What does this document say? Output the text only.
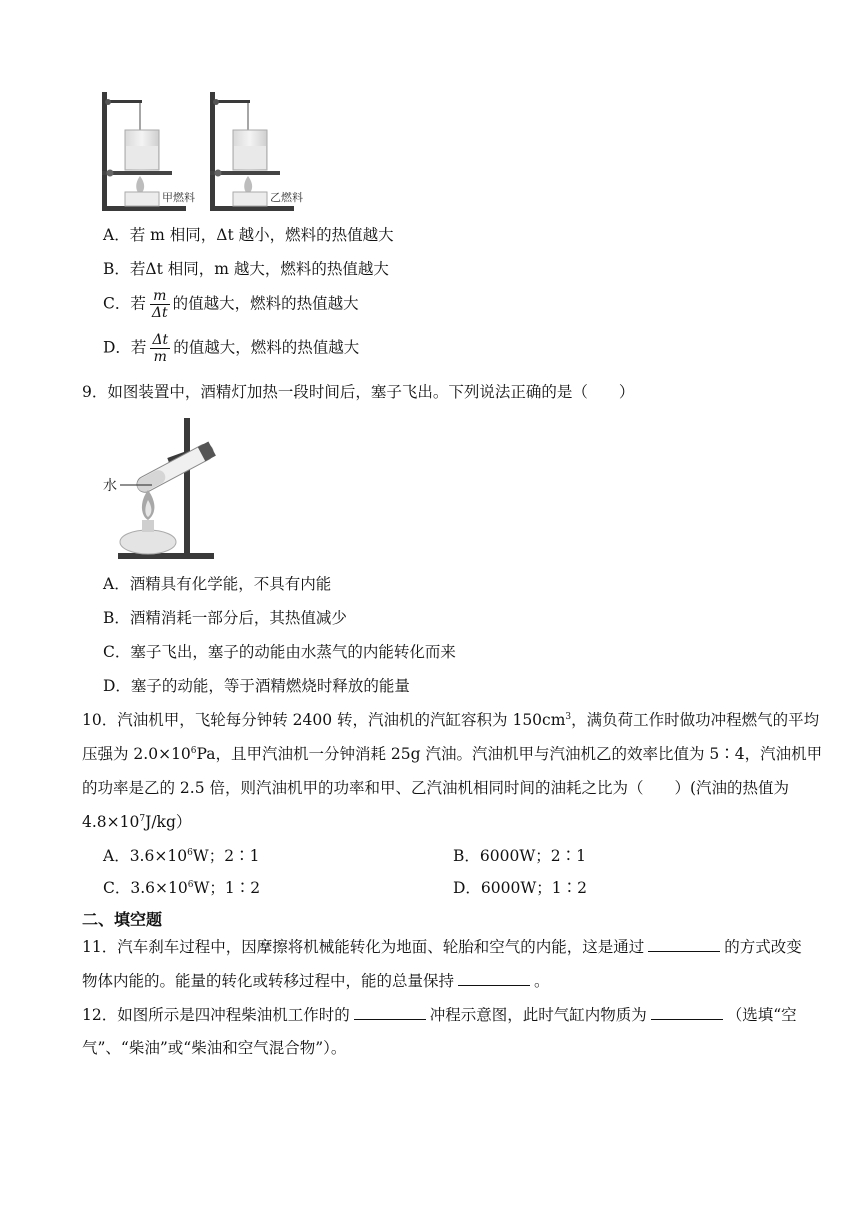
甲燃料	乙燃料
A．若 m 相同，Δt 越小，燃料的热值越大
B．若Δt 相同，m 越大，燃料的热值越大
C．若 $\frac{m}{\Delta t}$ 的值越大，燃料的热值越大
D．若 $\frac{\Delta t}{m}$ 的值越大，燃料的热值越大
9．如图装置中，酒精灯加热一段时间后，塞子飞出。下列说法正确的是（　　）
水
A．酒精具有化学能，不具有内能
B．酒精消耗一部分后，其热值减少
C．塞子飞出，塞子的动能由水蒸气的内能转化而来
D．塞子的动能，等于酒精燃烧时释放的能量
10．汽油机甲，飞轮每分钟转 2400 转，汽油机的汽缸容积为 $150cm^3$，满负荷工作时做功冲程燃气的平均
压强为 $2.0\times 10^6Pa$，且甲汽油机一分钟消耗 25g 汽油。汽油机甲与汽油机乙的效率比值为 5∶4，汽油机甲
的功率是乙的 2.5 倍，则汽油机甲的功率和甲、乙汽油机相同时间的油耗之比为（　　）(汽油的热值为
$4.8\times 10^7J/kg$）
A．$3.6\times 10^6W$；2∶1	B．6000W；2∶1
C．$3.6\times 10^6W$；1∶2	D．6000W；1∶2
二、填空题
11．汽车刹车过程中，因摩擦将机械能转化为地面、轮胎和空气的内能，这是通过	的方式改变
物体内能的。能量的转化或转移过程中，能的总量保持	。
12．如图所示是四冲程柴油机工作时的	冲程示意图，此时气缸内物质为	（选填“空
气”、“柴油”或“柴油和空气混合物”）。
